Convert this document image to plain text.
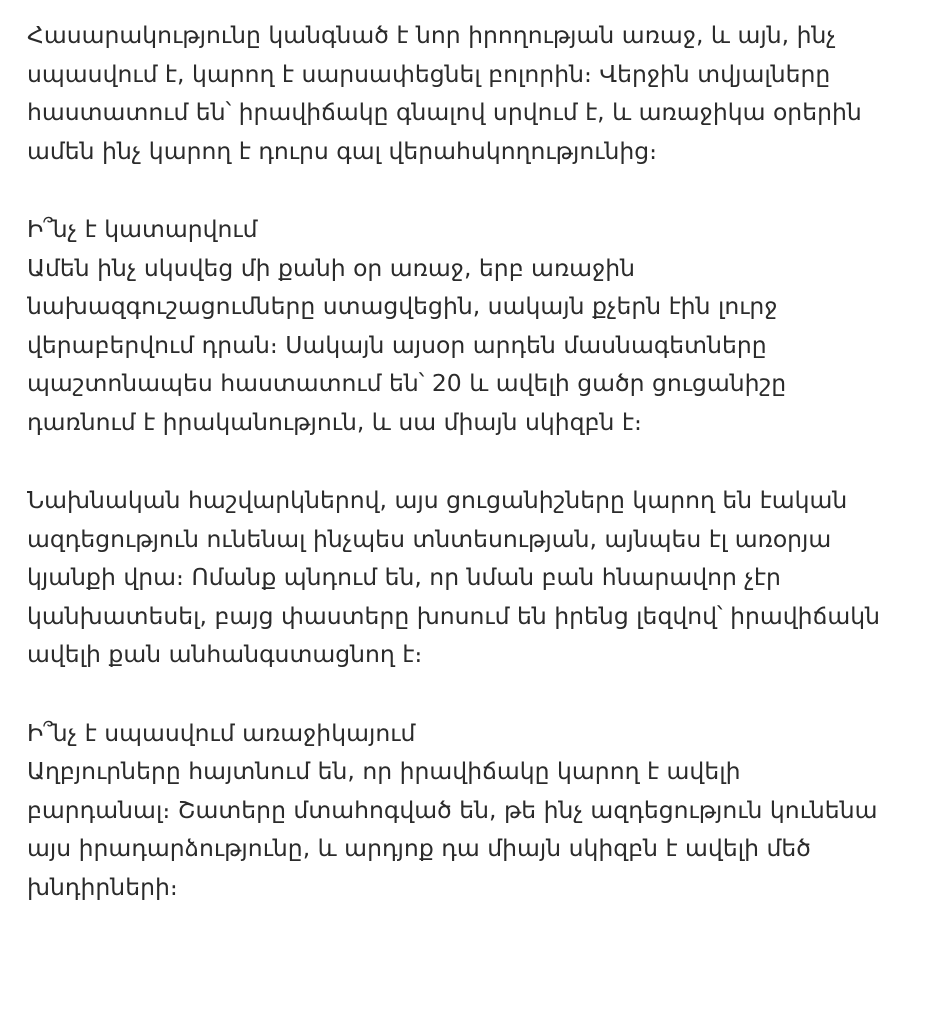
Հասարակությունը կանգնած է նոր իրողության առաջ, և այն, ինչ
սպասվում է, կարող է սարսափեցնել բոլորին։ Վերջին տվյալները
հաստատում են՝ իրավիճակը գնալով սրվում է, և առաջիկա օրերին
ամեն ինչ կարող է դուրս գալ վերահսկողությունից։
Ի՞նչ է կատարվում
Ամեն ինչ սկսվեց մի քանի օր առաջ, երբ առաջին
նախազգուշացումները ստացվեցին, սակայն քչերն էին լուրջ
վերաբերվում դրան։ Սակայն այսօր արդեն մասնագետները
պաշտոնապես հաստատում են՝ 20 և ավելի ցածր ցուցանիշը
դառնում է իրականություն, և սա միայն սկիզբն է։
Նախնական հաշվարկներով, այս ցուցանիշները կարող են էական
ազդեցություն ունենալ ինչպես տնտեսության, այնպես էլ առօրյա
կյանքի վրա։ Ոմանք պնդում են, որ նման բան հնարավոր չէր
կանխատեսել, բայց փաստերը խոսում են իրենց լեզվով՝ իրավիճակն
ավելի քան անհանգստացնող է։
Ի՞նչ է սպասվում առաջիկայում
Աղբյուրները հայտնում են, որ իրավիճակը կարող է ավելի
բարդանալ։ Շատերը մտահոգված են, թե ինչ ազդեցություն կունենա
այս իրադարձությունը, և արդյոք դա միայն սկիզբն է ավելի մեծ
խնդիրների։
